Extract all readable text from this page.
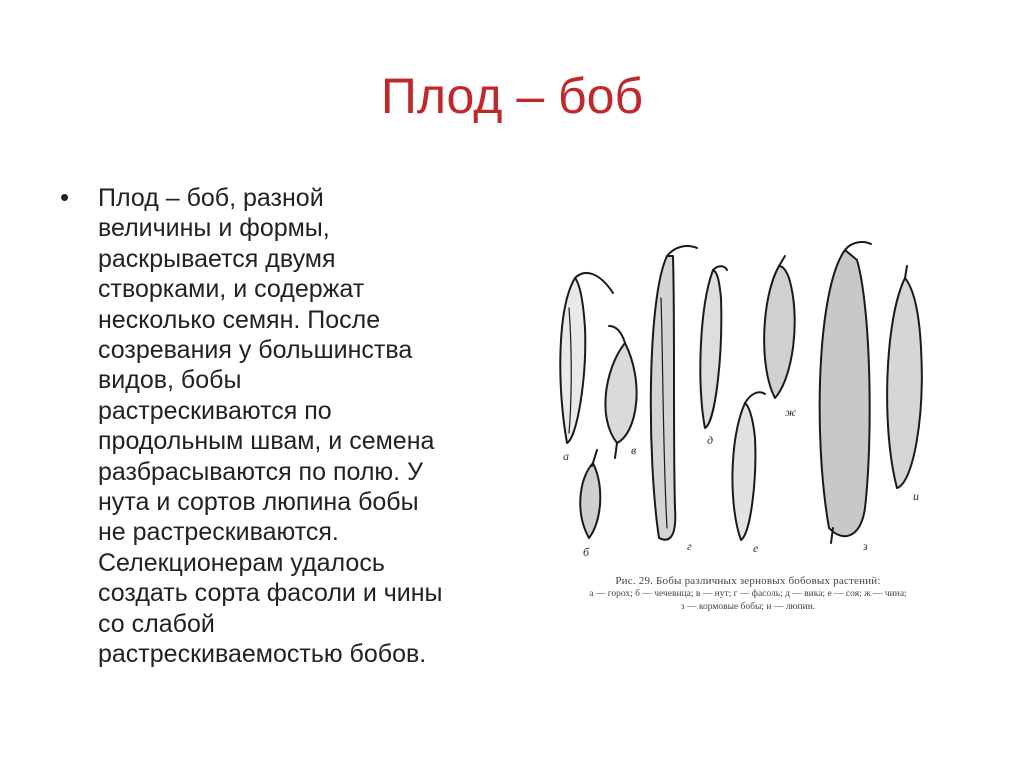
Плод – боб
• Плод – боб, разной
величины и формы,
раскрывается двумя
створками, и содержат
несколько семян. После
созревания у большинства
видов, бобы
растрескиваются по
продольным швам, и семена
разбрасываются по полю. У
нута и сортов люпина бобы
не растрескиваются.
Селекционерам удалось
создать сорта фасоли и чины
со слабой
растрескиваемостью бобов.
а
б
в
г
д
е
ж
з
и
Рис. 29. Бобы различных зерновых бобовых растений:
а — горох; б — чечевица; в — нут; г — фасоль; д — вика; е — соя; ж — чина;
з — кормовые бобы; и — люпин.
